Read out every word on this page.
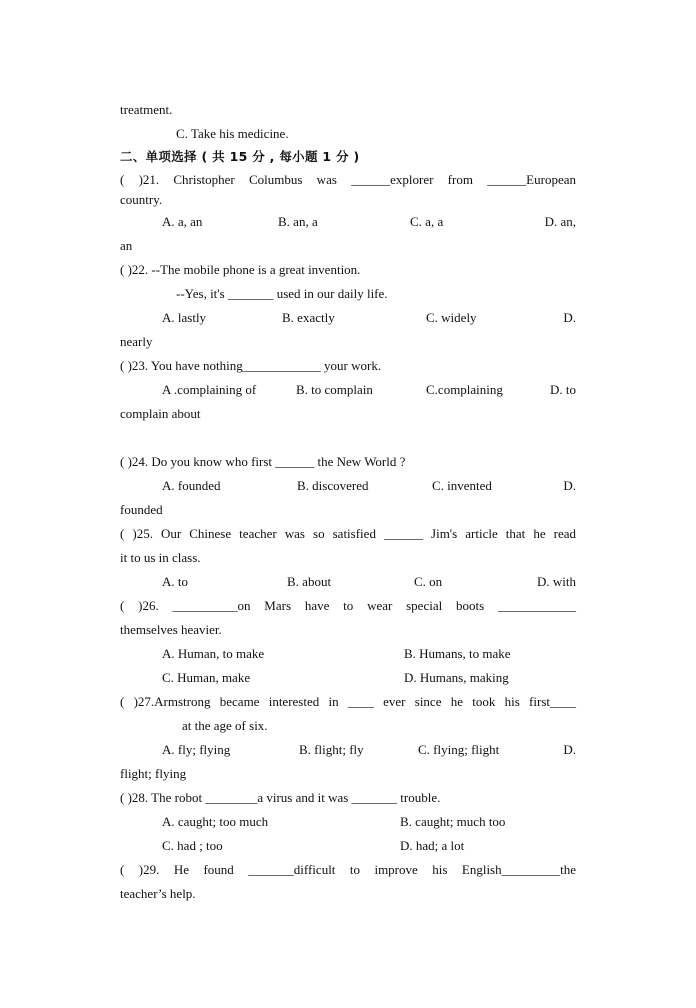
treatment.
C. Take his medicine.
二、单项选择 ( 共 15 分 , 每小题 1 分 )
( )21. Christopher Columbus was ______explorer from ______European
country.
A. a, an	B. an, a	C. a, a	D. an,
an
( )22. --The mobile phone is a great invention.
--Yes, it's _______ used in our daily life.
A. lastly	B. exactly	C. widely	D.
nearly
( )23. You have nothing____________ your work.
A .complaining of	B. to complain	C.complaining	D. to
complain about
( )24. Do you know who first ______ the New World ?
A. founded	B. discovered	C. invented	D.
founded
( )25. Our Chinese teacher was so satisfied ______ Jim's article that he read
it to us in class.
A. to	B. about	C. on	D. with
( )26. __________on Mars have to wear special boots ____________
themselves heavier.
A. Human, to make	B. Humans, to make
C. Human, make	D. Humans, making
( )27.Armstrong became interested in ____ ever since he took his first____
at the age of six.
A. fly; flying	B. flight; fly	C. flying; flight	D.
flight; flying
( )28. The robot ________a virus and it was _______ trouble.
A. caught; too much	B. caught; much too
C. had ; too	D. had; a lot
( )29. He found _______difficult to improve his English_________the
teacher’s help.
